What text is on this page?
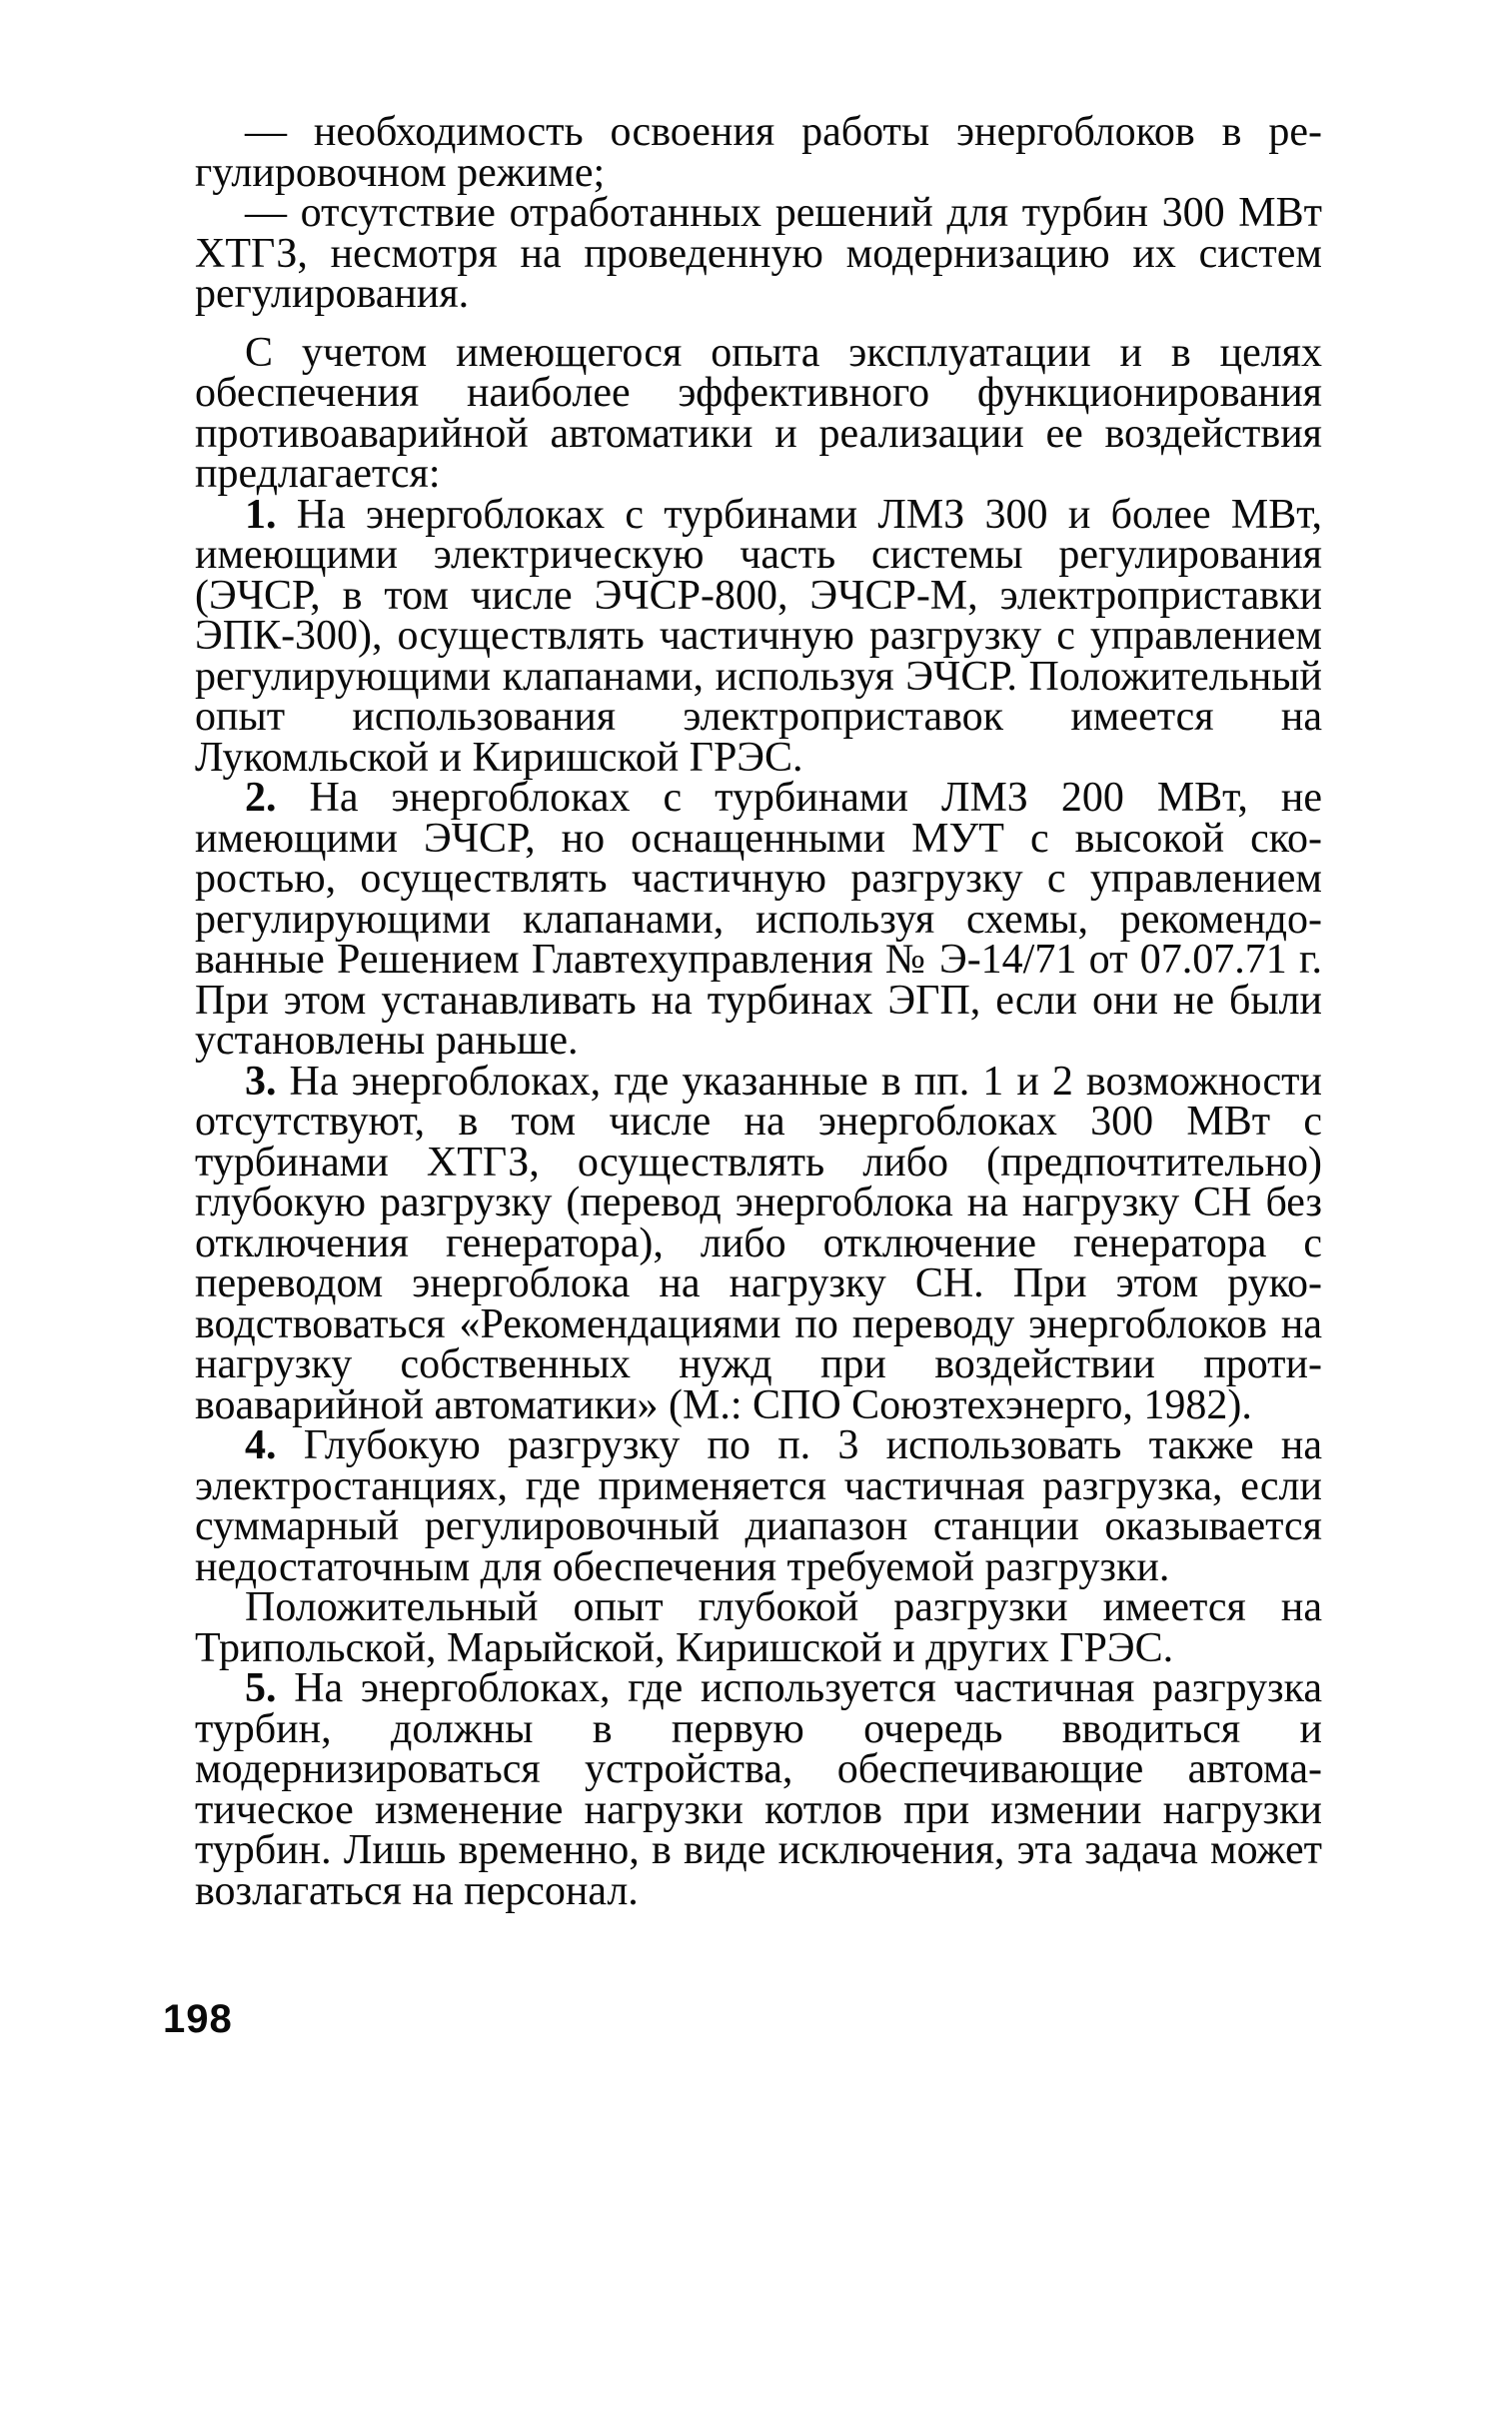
— необходимость освоения работы энергоблоков в регулировочном режиме;

— отсутствие отработанных решений для турбин 300 МВт ХТГЗ, несмотря на проведенную модернизацию их систем регулирования.

С учетом имеющегося опыта эксплуатации и в целях обеспечения наиболее эффективного функционирования противоаварийной автоматики и реализации ее воздействия предлагается:

1. На энергоблоках с турбинами ЛМЗ 300 и более МВт, имеющими электрическую часть системы регулирования (ЭЧСР, в том числе ЭЧСР-800, ЭЧСР-М, электроприставки ЭПК-300), осуществлять частичную разгрузку с управлением регулирующими клапанами, используя ЭЧСР. Положительный опыт использования электроприставок имеется на Лукомльской и Киришской ГРЭС.

2. На энергоблоках с турбинами ЛМЗ 200 МВт, не имеющими ЭЧСР, но оснащенными МУТ с высокой скоростью, осуществлять частичную разгрузку с управлением регулирующими клапанами, используя схемы, рекомендованные Решением Главтехуправления № Э-14/71 от 07.07.71 г. При этом устанавливать на турбинах ЭГП, если они не были установлены раньше.

3. На энергоблоках, где указанные в пп. 1 и 2 возможности отсутствуют, в том числе на энергоблоках 300 МВт с турбинами ХТГЗ, осуществлять либо (предпочтительно) глубокую разгрузку (перевод энергоблока на нагрузку СН без отключения генератора), либо отключение генератора с переводом энергоблока на нагрузку СН. При этом руководствоваться «Рекомендациями по переводу энергоблоков на нагрузку собственных нужд при воздействии противоаварийной автоматики» (М.: СПО Союзтехэнерго, 1982).

4. Глубокую разгрузку по п. 3 использовать также на электростанциях, где применяется частичная разгрузка, если суммарный регулировочный диапазон станции оказывается недостаточным для обеспечения требуемой разгрузки.

Положительный опыт глубокой разгрузки имеется на Трипольской, Марыйской, Киришской и других ГРЭС.

5. На энергоблоках, где используется частичная разгрузка турбин, должны в первую очередь вводиться и модернизироваться устройства, обеспечивающие автоматическое изменение нагрузки котлов при измении нагрузки турбин. Лишь временно, в виде исключения, эта задача может возлагаться на персонал.

198
